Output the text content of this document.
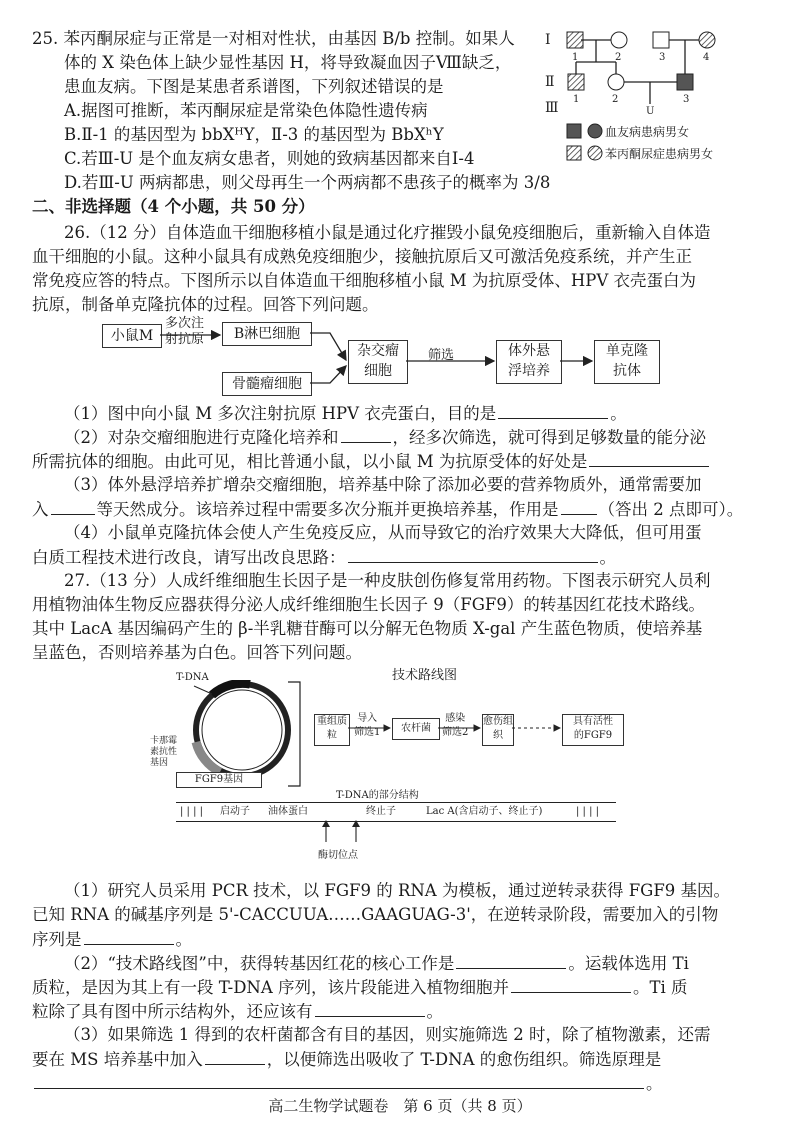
25. 苯丙酮尿症与正常是一对相对性状，由基因 B/b 控制。如果人
体的 X 染色体上缺少显性基因 H，将导致凝血因子Ⅷ缺乏，
患血友病。下图是某患者系谱图，下列叙述错误的是
A.据图可推断，苯丙酮尿症是常染色体隐性遗传病
B.Ⅱ-1 的基因型为 bbXᴴY，Ⅱ-3 的基因型为 BbXʰY
C.若Ⅲ-U 是个血友病女患者，则她的致病基因都来自Ⅰ-4
D.若Ⅲ-U 两病都患，则父母再生一个两病都不患孩子的概率为 3/8
Ⅰ
Ⅱ
Ⅲ
1	2	3	4
1	2	3
U
血友病患病男女
苯丙酮尿症患病男女
二、非选择题（4 个小题，共 50 分）
26.（12 分）自体造血干细胞移植小鼠是通过化疗摧毁小鼠免疫细胞后，重新输入自体造
血干细胞的小鼠。这种小鼠具有成熟免疫细胞少，接触抗原后又可激活免疫系统，并产生正
常免疫应答的特点。下图所示以自体造血干细胞移植小鼠 M 为抗原受体、HPV 衣壳蛋白为
抗原，制备单克隆抗体的过程。回答下列问题。
小鼠M
多次注
射抗原	B淋巴细胞
骨髓瘤细胞
杂交瘤
细胞
筛选	体外悬
浮培养
单克隆
抗体
（1）图中向小鼠 M 多次注射抗原 HPV 衣壳蛋白，目的是	。
（2）对杂交瘤细胞进行克隆化培养和	，经多次筛选，就可得到足够数量的能分泌
所需抗体的细胞。由此可见，相比普通小鼠，以小鼠 M 为抗原受体的好处是
（3）体外悬浮培养扩增杂交瘤细胞，培养基中除了添加必要的营养物质外，通常需要加
入	等天然成分。该培养过程中需要多次分瓶并更换培养基，作用是 （答出 2 点即可）。
（4）小鼠单克隆抗体会使人产生免疫反应，从而导致它的治疗效果大大降低，但可用蛋
白质工程技术进行改良，请写出改良思路：	。
27.（13 分）人成纤维细胞生长因子是一种皮肤创伤修复常用药物。下图表示研究人员利
用植物油体生物反应器获得分泌人成纤维细胞生长因子 9（FGF9）的转基因红花技术路线。
其中 LacA 基因编码产生的 β-半乳糖苷酶可以分解无色物质 X-gal 产生蓝色物质，使培养基
呈蓝色，否则培养基为白色。回答下列问题。
技术路线图
T-DNA
卡那霉
素抗性
基因
FGF9基因
重组质粒
导入
筛选1	农杆菌
感染
筛选2
愈伤组织
具有活性
的FGF9
T-DNA的部分结构
| | | | 启动子 油体蛋白	终止子	Lac A(含启动子、终止子)	| | | |
酶切位点
（1）研究人员采用 PCR 技术，以 FGF9 的 RNA 为模板，通过逆转录获得 FGF9 基因。
已知 RNA 的碱基序列是 5'-CACCUUA……GAAGUAG-3'，在逆转录阶段，需要加入的引物
序列是	。
（2）“技术路线图”中，获得转基因红花的核心工作是	。运载体选用 Ti
质粒，是因为其上有一段 T-DNA 序列，该片段能进入植物细胞并	。Ti 质
粒除了具有图中所示结构外，还应该有	。
（3）如果筛选 1 得到的农杆菌都含有目的基因，则实施筛选 2 时，除了植物激素，还需
要在 MS 培养基中加入	，以便筛选出吸收了 T-DNA 的愈伤组织。筛选原理是
。
高二生物学试题卷　第 6 页（共 8 页）
